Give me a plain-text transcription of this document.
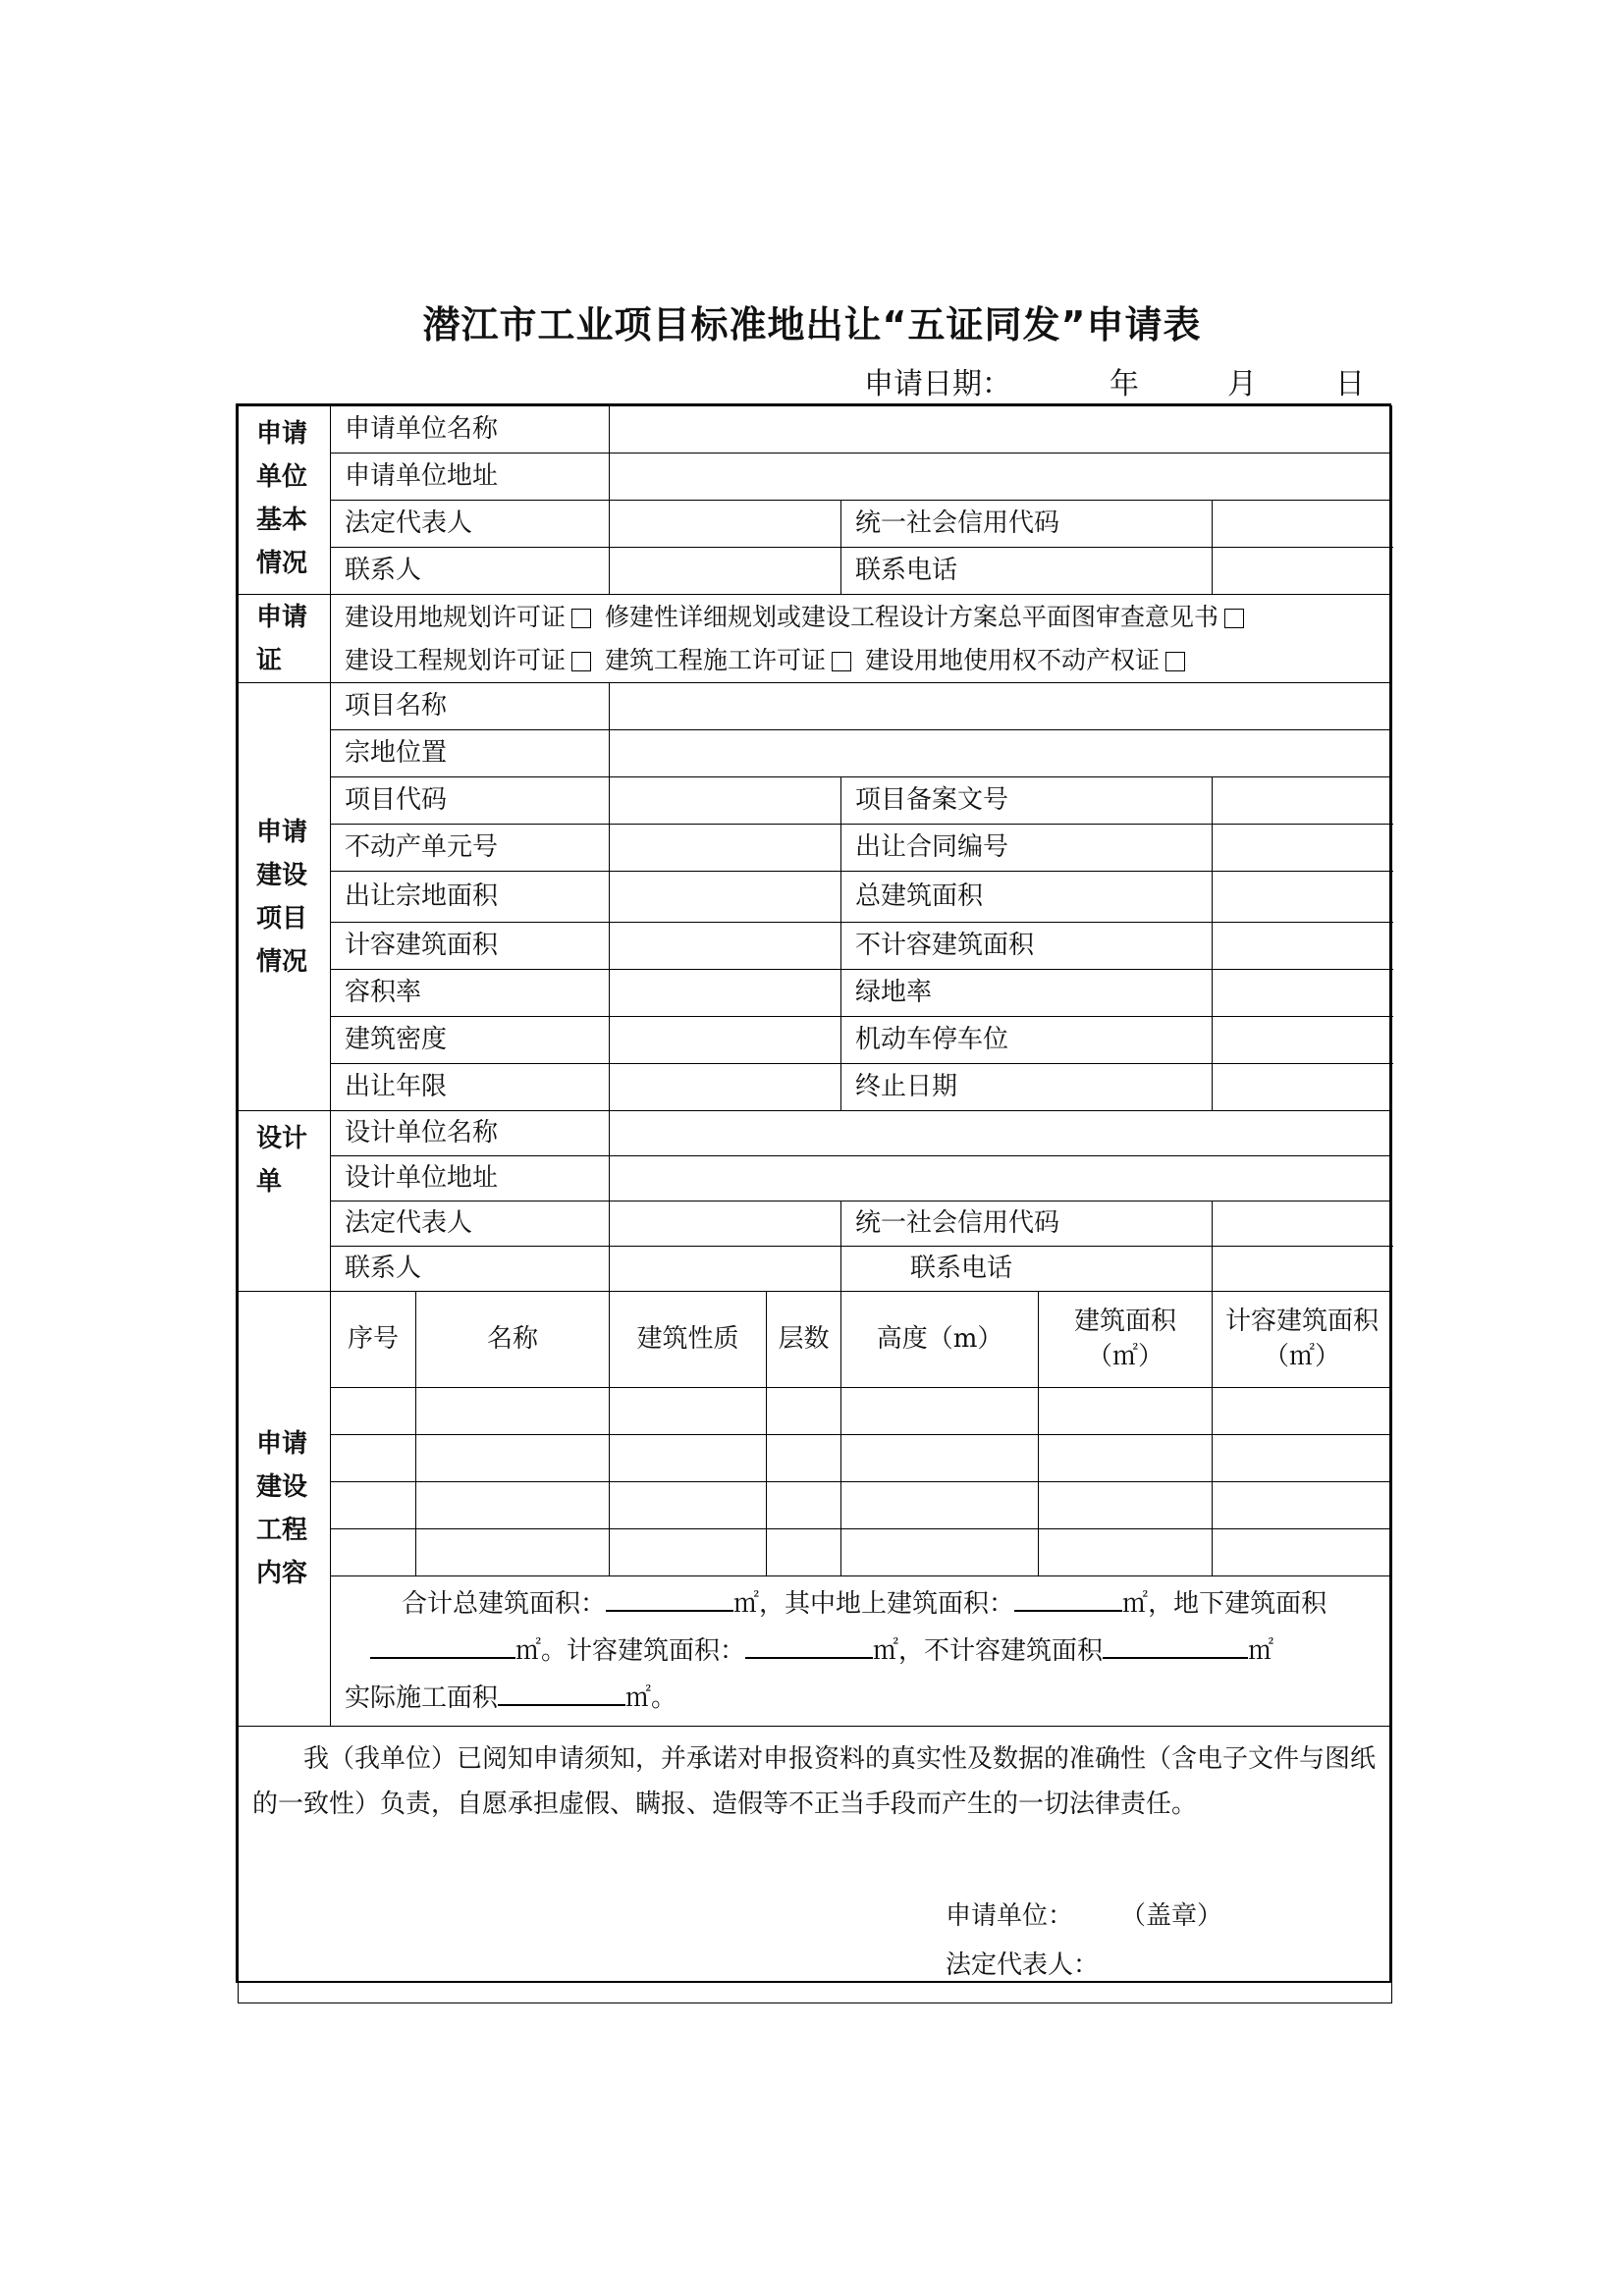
潜江市工业项目标准地出让“五证同发”申请表
申请日期：	年	月	日
申请单位基本情况	申请单位名称						
	申请单位地址						
	法定代表人				统一社会信用代码		
	联系人				联系电话		
申请证	建设用地规划许可证 修建性详细规划或建设工程设计方案总平面图审查意见书
建设工程规划许可证 建筑工程施工许可证 建设用地使用权不动产权证						

申请建设项目情况	项目名称						
	宗地位置						
	项目代码				项目备案文号		
	不动产单元号				出让合同编号		
	出让宗地面积				总建筑面积		
	计容建筑面积				不计容建筑面积		
	容积率				绿地率		
	建筑密度				机动车停车位		
	出让年限				终止日期		
设计单	设计单位名称						
	设计单位地址						
	法定代表人				统一社会信用代码		
	联系人				联系电话		
申请建设工程内容	序号	名称	建筑性质	层数	高度（m）	建筑面积（㎡）	计容建筑面积（㎡）

	合计总建筑面积： ㎡，其中地上建筑面积： ㎡，地下建筑面积
㎡。计容建筑面积： ㎡，不计容建筑面积 ㎡
实际施工面积 ㎡。						

我（我单位）已阅知申请须知，并承诺对申报资料的真实性及数据的准确性（含电子文件与图纸的一致性）负责，自愿承担虚假、瞒报、造假等不正当手段而产生的一切法律责任。

申请单位： （盖章）
法定代表人：							
